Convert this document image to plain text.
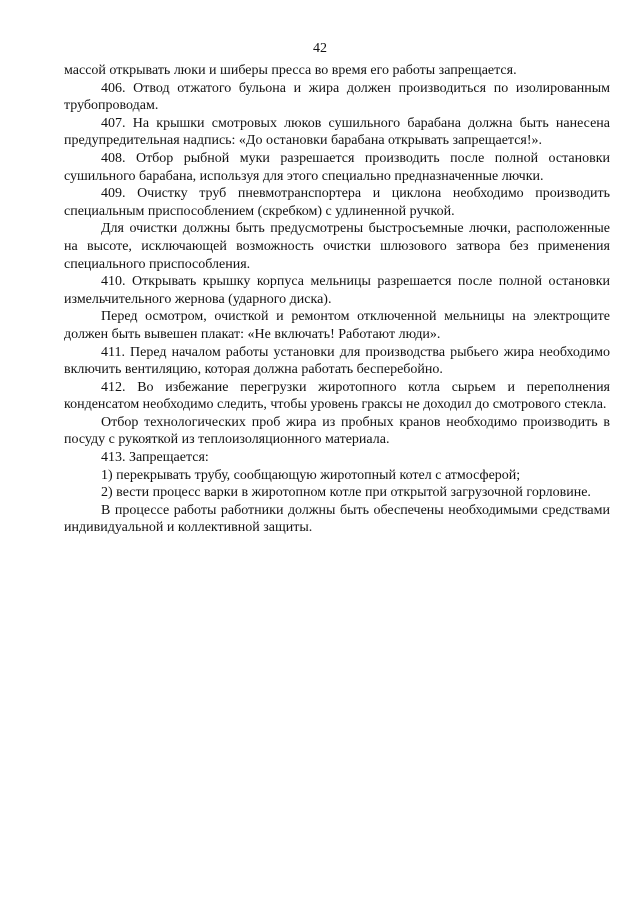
42

массой открывать люки и шиберы пресса во время его работы запрещается.

406. Отвод отжатого бульона и жира должен производиться по изолированным трубопроводам.

407. На крышки смотровых люков сушильного барабана должна быть нанесена предупредительная надпись: «До остановки барабана открывать запрещается!».

408. Отбор рыбной муки разрешается производить после полной остановки сушильного барабана, используя для этого специально предназначенные лючки.

409. Очистку труб пневмотранспортера и циклона необходимо производить специальным приспособлением (скребком) с удлиненной ручкой.

Для очистки должны быть предусмотрены быстросъемные лючки, расположенные на высоте, исключающей возможность очистки шлюзового затвора без применения специального приспособления.

410. Открывать крышку корпуса мельницы разрешается после полной остановки измельчительного жернова (ударного диска).

Перед осмотром, очисткой и ремонтом отключенной мельницы на электрощите должен быть вывешен плакат: «Не включать! Работают люди».

411. Перед началом работы установки для производства рыбьего жира необходимо включить вентиляцию, которая должна работать бесперебойно.

412. Во избежание перегрузки жиротопного котла сырьем и переполнения конденсатом необходимо следить, чтобы уровень граксы не доходил до смотрового стекла.

Отбор технологических проб жира из пробных кранов необходимо производить в посуду с рукояткой из теплоизоляционного материала.

413. Запрещается:

1) перекрывать трубу, сообщающую жиротопный котел с атмосферой;

2) вести процесс варки в жиротопном котле при открытой загрузочной горловине.

В процессе работы работники должны быть обеспечены необходимыми средствами индивидуальной и коллективной защиты.
